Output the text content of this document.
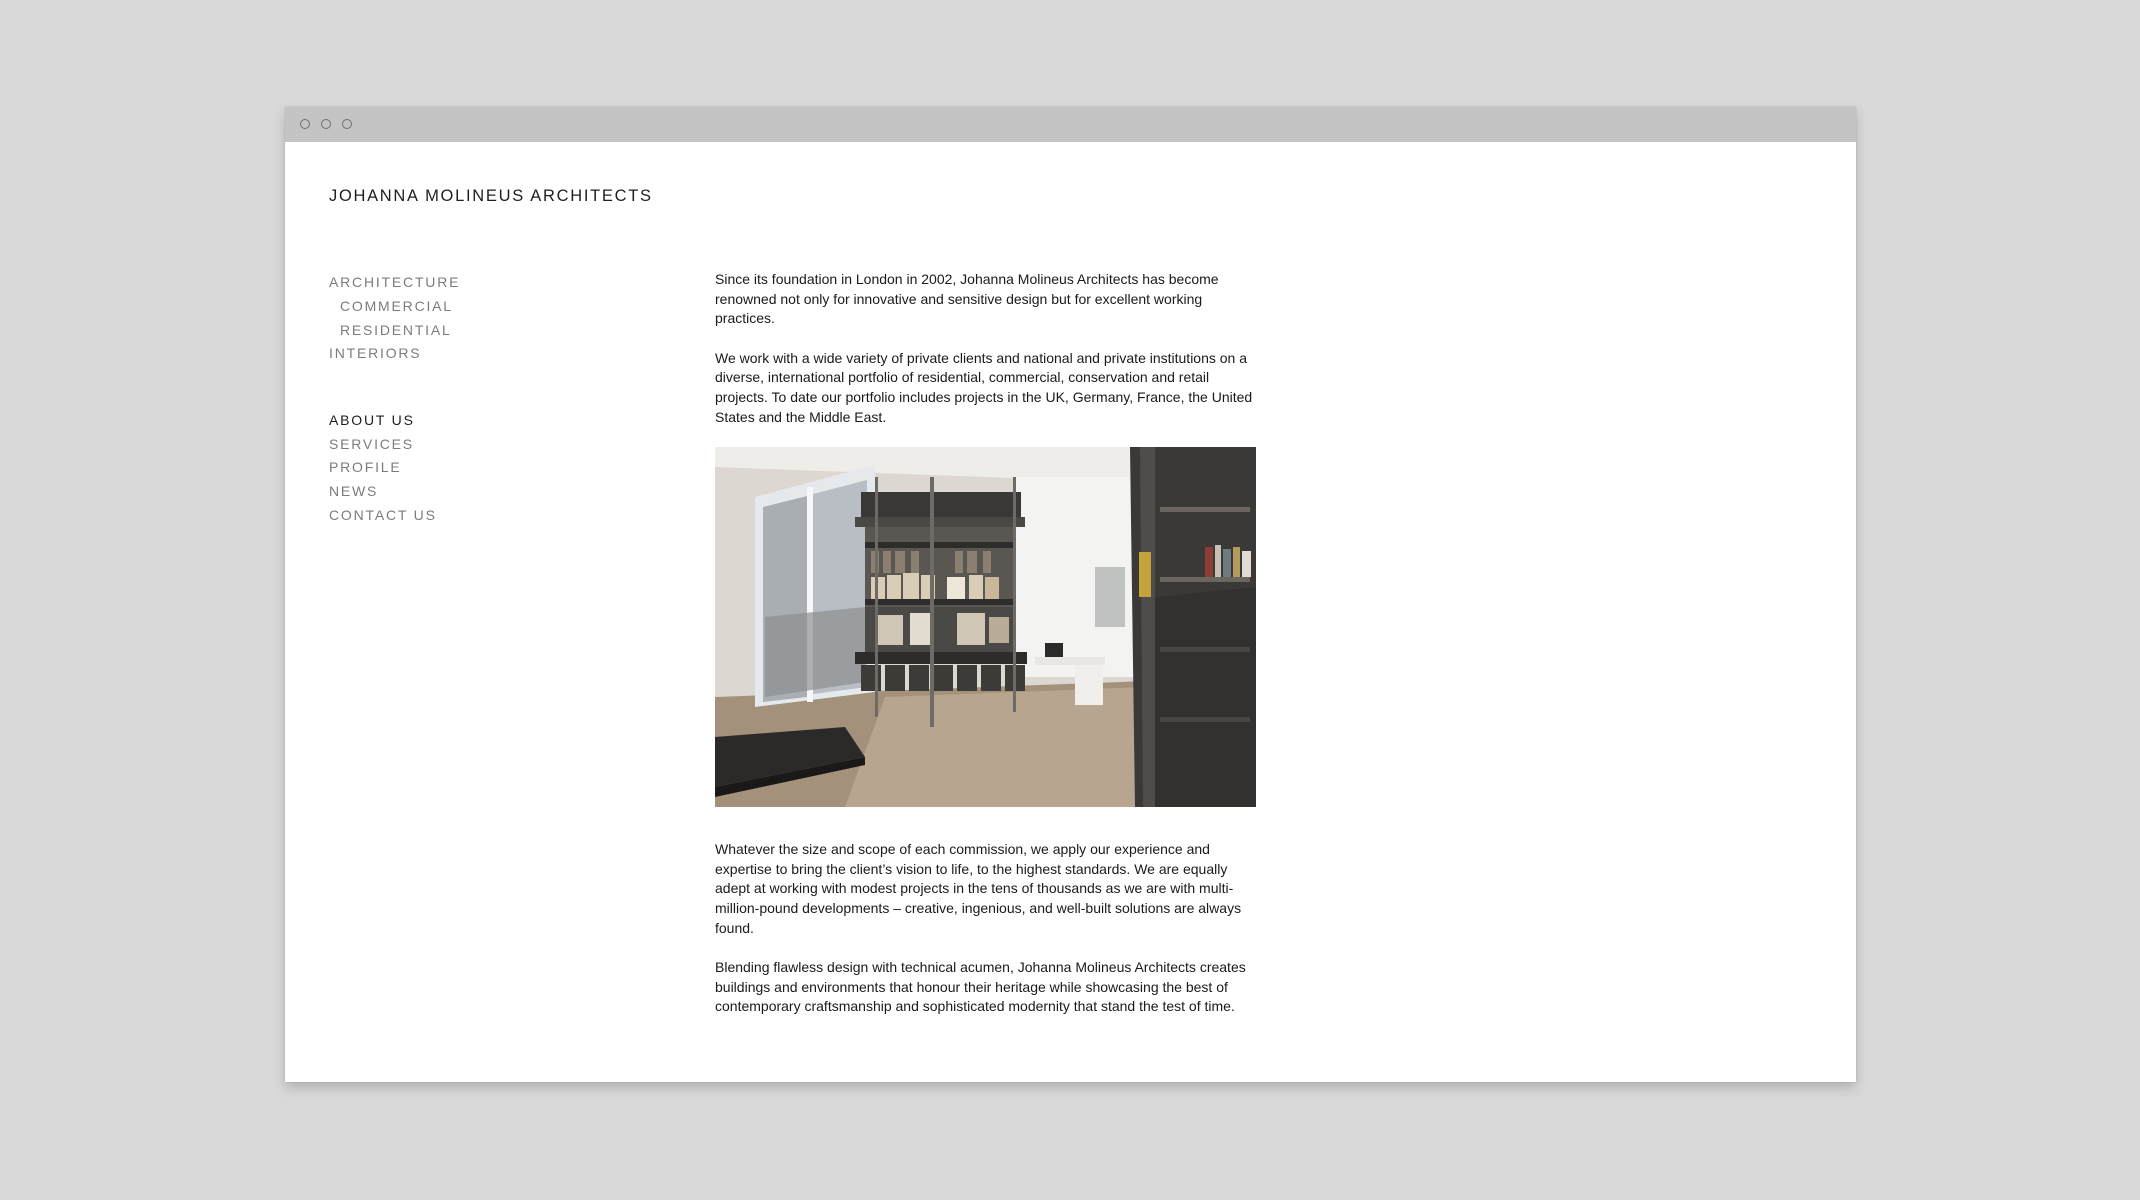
JOHANNA MOLINEUS ARCHITECTS
ARCHITECTURE
COMMERCIAL
RESIDENTIAL
INTERIORS
ABOUT US
SERVICES
PROFILE
NEWS
CONTACT US

Since its foundation in London in 2002, Johanna Molineus Architects has become renowned not only for innovative and sensitive design but for excellent working practices.

We work with a wide variety of private clients and national and private institutions on a diverse, international portfolio of residential, commercial, conservation and retail projects. To date our portfolio includes projects in the UK, Germany, France, the United States and the Middle East.

Whatever the size and scope of each commission, we apply our experience and expertise to bring the client’s vision to life, to the highest standards. We are equally adept at working with modest projects in the tens of thousands as we are with multi-million-pound developments – creative, ingenious, and well-built solutions are always found.

Blending flawless design with technical acumen, Johanna Molineus Architects creates buildings and environments that honour their heritage while showcasing the best of contemporary craftsmanship and sophisticated modernity that stand the test of time.
